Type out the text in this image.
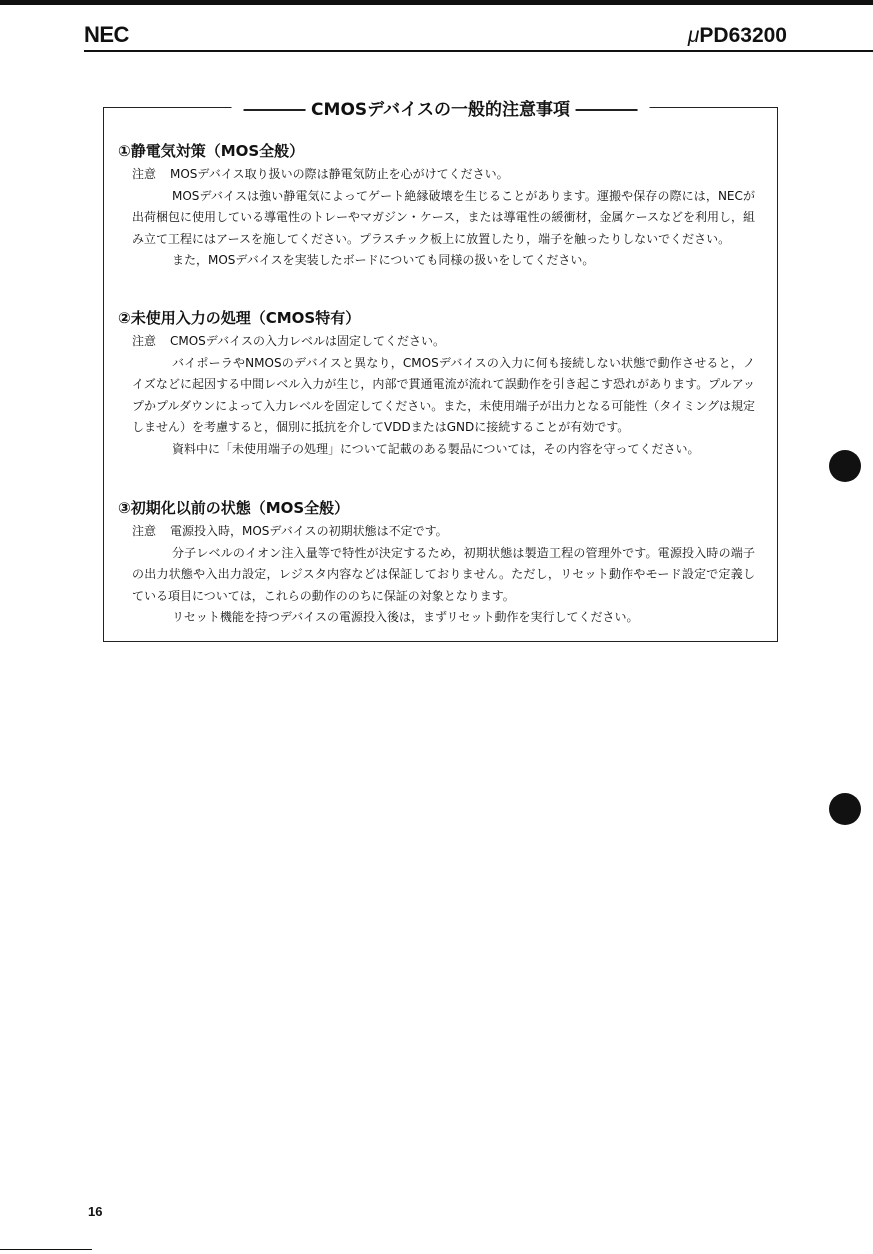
NEC	μPD63200
CMOSデバイスの一般的注意事項

①静電気対策（MOS全般）

注意 MOSデバイス取り扱いの際は静電気防止を心がけてください。

MOSデバイスは強い静電気によってゲート絶縁破壊を生じることがあります。運搬や保存の際には，NECが出荷梱包に使用している導電性のトレーやマガジン・ケース，または導電性の緩衝材，金属ケースなどを利用し，組み立て工程にはアースを施してください。プラスチック板上に放置したり，端子を触ったりしないでください。

また，MOSデバイスを実装したボードについても同様の扱いをしてください。

②未使用入力の処理（CMOS特有）

注意 CMOSデバイスの入力レベルは固定してください。

バイポーラやNMOSのデバイスと異なり，CMOSデバイスの入力に何も接続しない状態で動作させると，ノイズなどに起因する中間レベル入力が生じ，内部で貫通電流が流れて誤動作を引き起こす恐れがあります。プルアップかプルダウンによって入力レベルを固定してください。また，未使用端子が出力となる可能性（タイミングは規定しません）を考慮すると，個別に抵抗を介してVDDまたはGNDに接続することが有効です。

資料中に「未使用端子の処理」について記載のある製品については，その内容を守ってください。

③初期化以前の状態（MOS全般）

注意 電源投入時，MOSデバイスの初期状態は不定です。

分子レベルのイオン注入量等で特性が決定するため，初期状態は製造工程の管理外です。電源投入時の端子の出力状態や入出力設定，レジスタ内容などは保証しておりません。ただし，リセット動作やモード設定で定義している項目については，これらの動作ののちに保証の対象となります。

リセット機能を持つデバイスの電源投入後は，まずリセット動作を実行してください。

16
